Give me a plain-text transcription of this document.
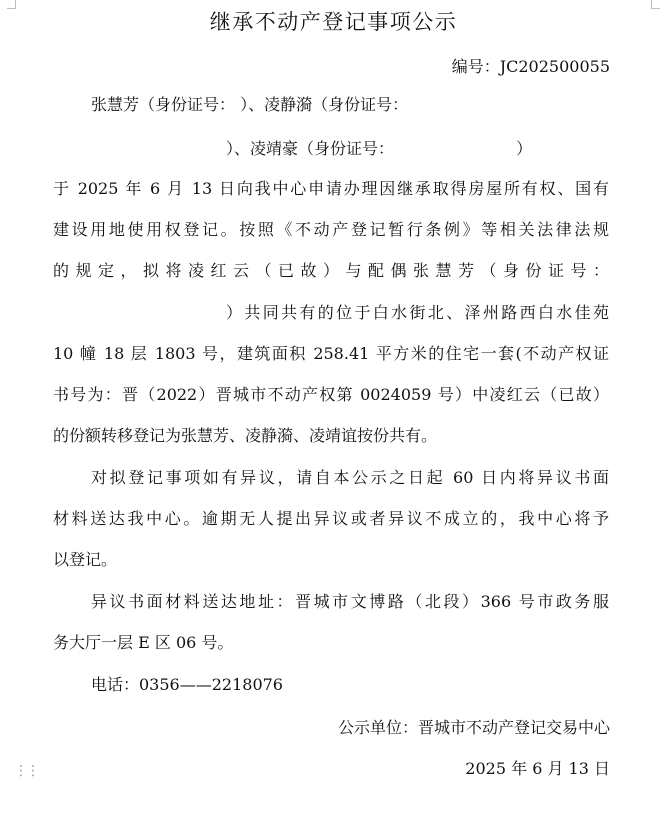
继承不动产登记事项公示
编号：JC202500055
张慧芳（身份证号： ）、凌静漪（身份证号：
）、凌靖豪（身份证号：                        ）
于 2025 年 6 月 13 日向我中心申请办理因继承取得房屋所有权、国有
建设用地使用权登记。按照《不动产登记暂行条例》等相关法律法规
的规定，拟将凌红云（已故）与配偶张慧芳（身份证号：
）共同共有的位于白水街北、泽州路西白水佳苑
10 幢 18 层 1803 号，建筑面积 258.41 平方米的住宅一套(不动产权证
书号为：晋（2022）晋城市不动产权第 0024059 号）中凌红云（已故）
的份额转移登记为张慧芳、凌静漪、凌靖谊按份共有。
对拟登记事项如有异议，请自本公示之日起 60 日内将异议书面
材料送达我中心。逾期无人提出异议或者异议不成立的，我中心将予
以登记。
异议书面材料送达地址：晋城市文博路（北段）366 号市政务服
务大厅一层 E 区 06 号。
电话：0356——2218076
公示单位：晋城市不动产登记交易中心
2025 年 6 月 13 日
⋮⋮
